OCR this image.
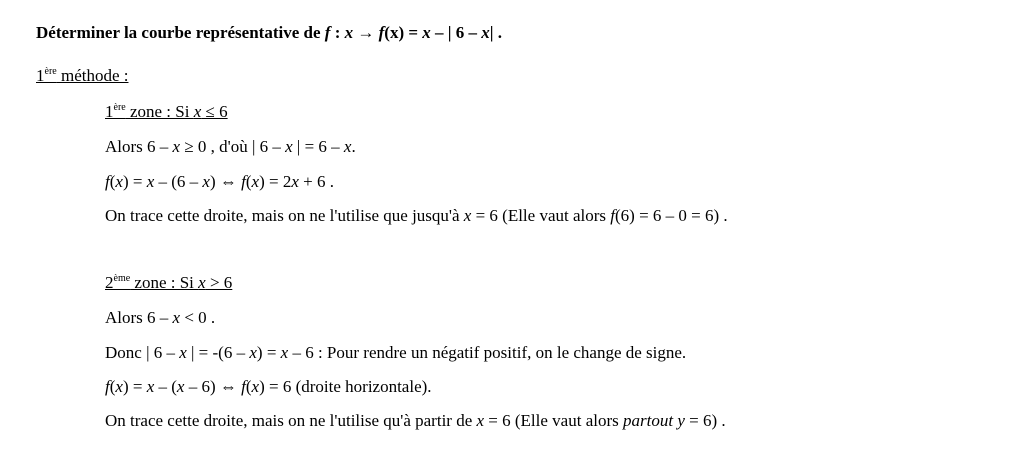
Déterminer la courbe représentative de f : x → f(x) = x – | 6 – x| .
1ère méthode :
1ère zone : Si x ≤ 6
Alors 6 – x ≥ 0 , d'où | 6 – x | = 6 – x.
f(x) = x – (6 – x) ⇔ f(x) = 2x + 6 .
On trace cette droite, mais on ne l'utilise que jusqu'à x = 6 (Elle vaut alors f(6) = 6 – 0 = 6) .
2ème zone : Si x > 6
Alors 6 – x < 0 .
Donc | 6 – x | = -(6 – x) = x – 6 : Pour rendre un négatif positif, on le change de signe.
f(x) = x – (x – 6) ⇔ f(x) = 6 (droite horizontale).
On trace cette droite, mais on ne l'utilise qu'à partir de x = 6 (Elle vaut alors partout y = 6) .
